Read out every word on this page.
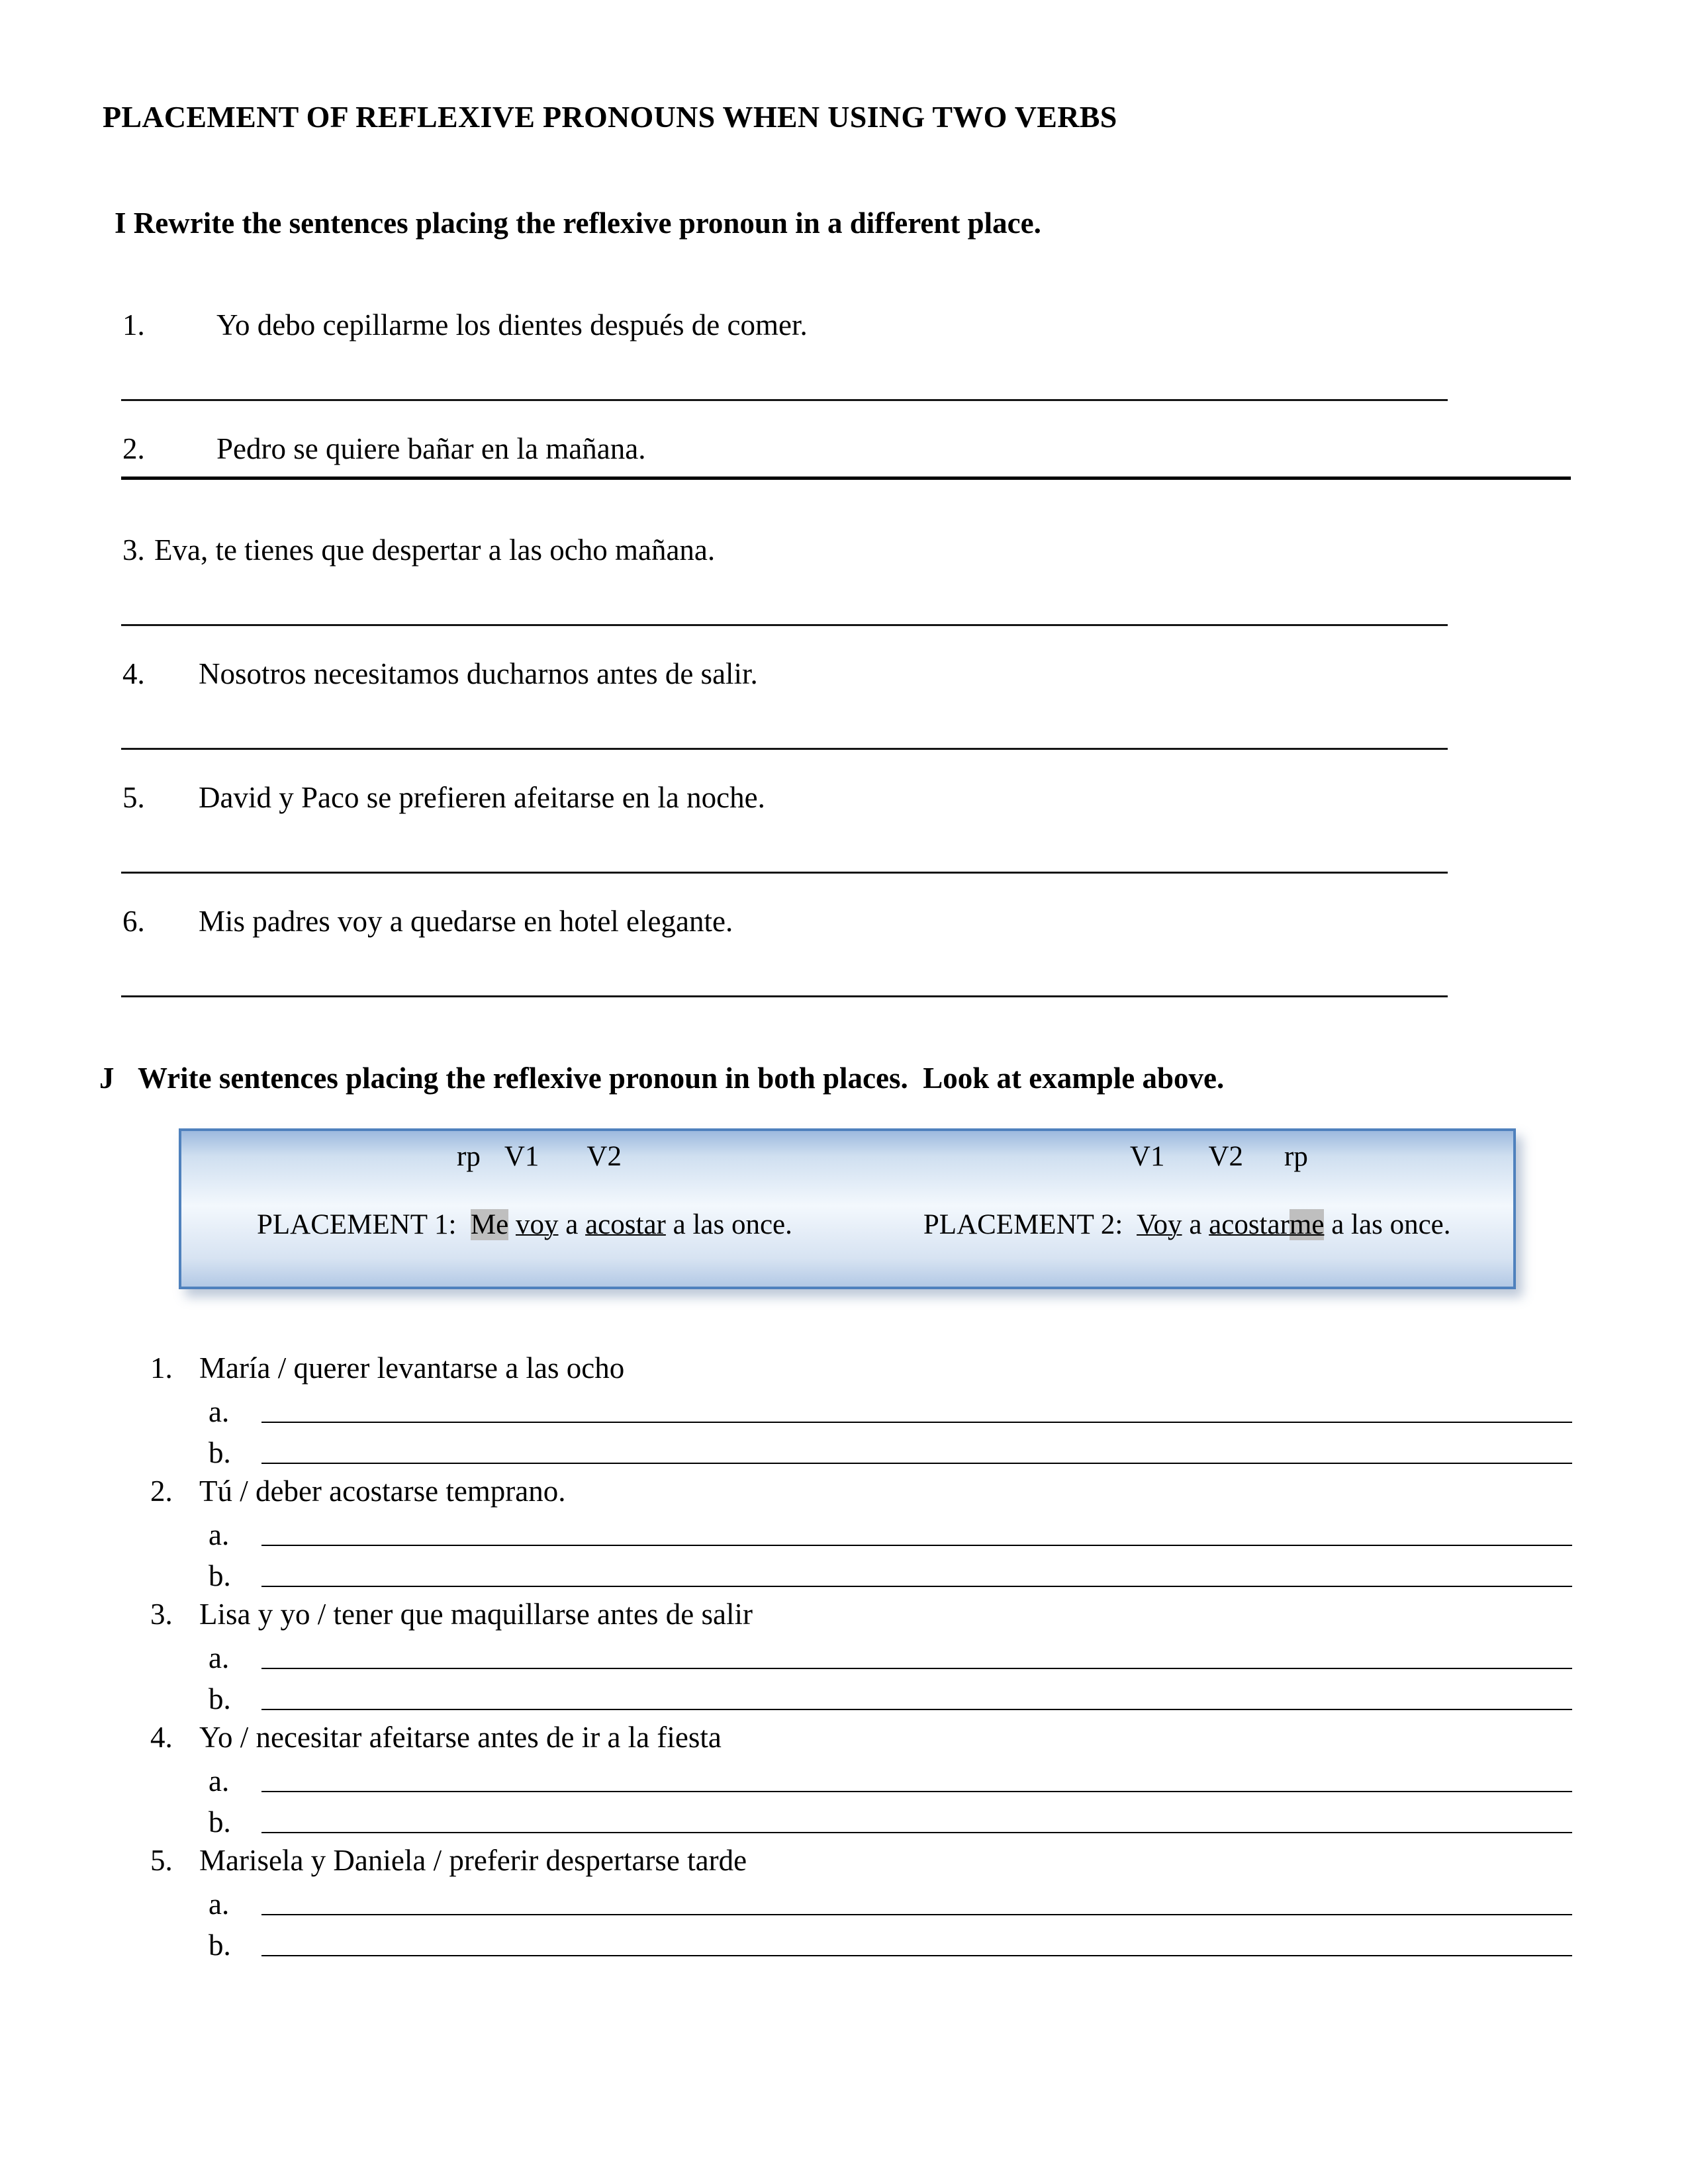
PLACEMENT OF REFLEXIVE PRONOUNS WHEN USING TWO VERBS
I Rewrite the sentences placing the reflexive pronoun in a different place.
1.	Yo debo cepillarme los dientes después de comer.
2.	Pedro se quiere bañar en la mañana.
3. Eva, te tienes que despertar a las ocho mañana.
4.	Nosotros necesitamos ducharnos antes de salir.
5.	David y Paco se prefieren afeitarse en la noche.
6.	Mis padres voy a quedarse en hotel elegante.
J Write sentences placing the reflexive pronoun in both places.  Look at example above.
rp V1 V2

PLACEMENT 1: Me voy a acostar a las once.

V1 V2 rp

PLACEMENT 2: Voy a acostarme a las once.

1. María / querer levantarse a las ocho
a.
b.
2. Tú / deber acostarse temprano.
a.
b.
3. Lisa y yo / tener que maquillarse antes de salir
a.
b.
4. Yo / necesitar afeitarse antes de ir a la fiesta
a.
b.
5. Marisela y Daniela / preferir despertarse tarde
a.
b.
